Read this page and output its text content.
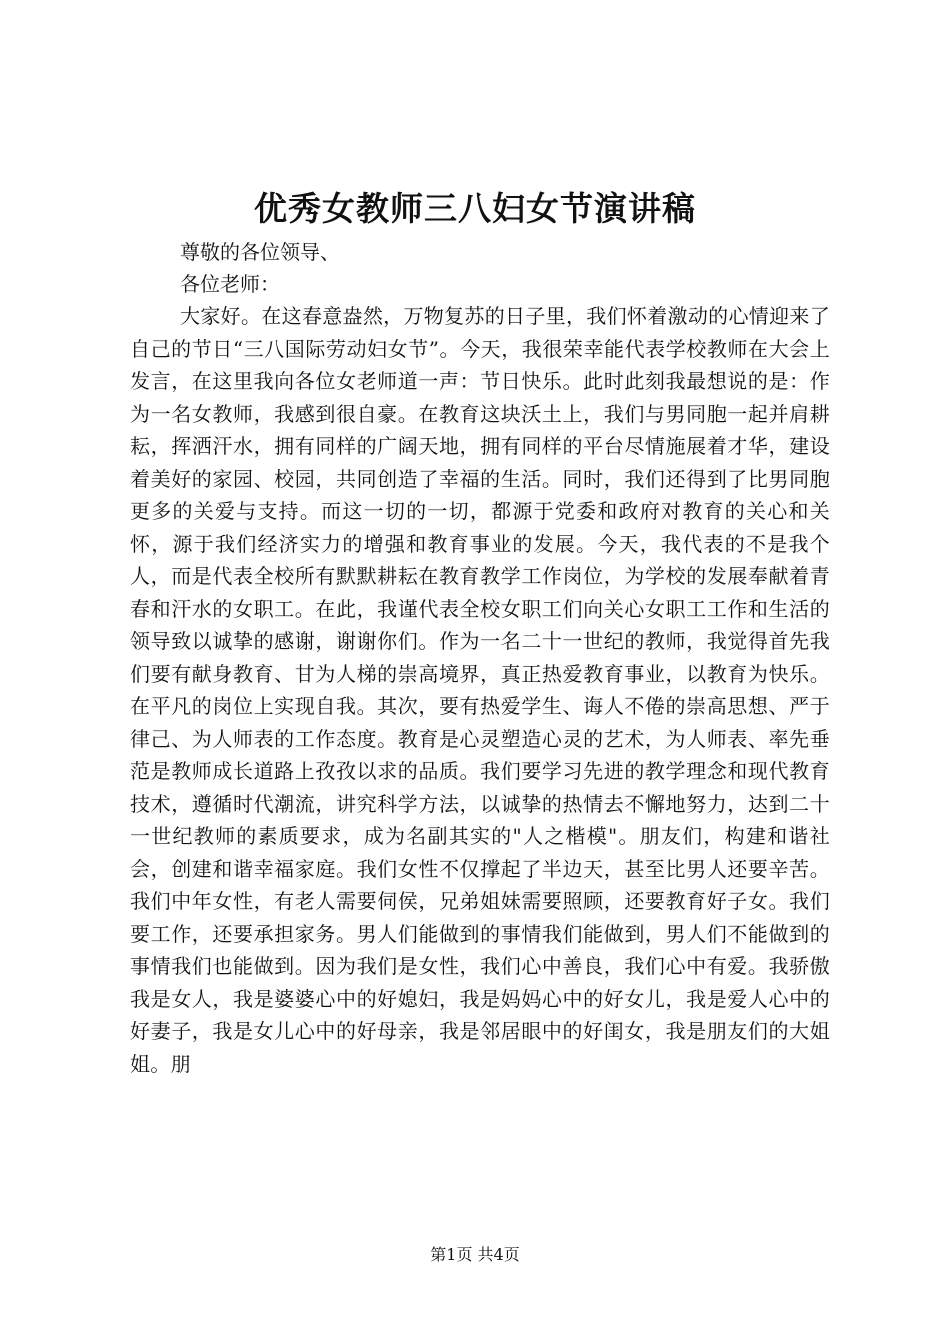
优秀女教师三八妇女节演讲稿
尊敬的各位领导、
各位老师：

大家好。在这春意盎然，万物复苏的日子里，我们怀着激动的心情迎来了自己的节日“三八国际劳动妇女节”。今天，我很荣幸能代表学校教师在大会上发言，在这里我向各位女老师道一声：节日快乐。此时此刻我最想说的是：作为一名女教师，我感到很自豪。在教育这块沃土上，我们与男同胞一起并肩耕耘，挥洒汗水，拥有同样的广阔天地，拥有同样的平台尽情施展着才华，建设着美好的家园、校园，共同创造了幸福的生活。同时，我们还得到了比男同胞更多的关爱与支持。而这一切的一切，都源于党委和政府对教育的关心和关怀，源于我们经济实力的增强和教育事业的发展。今天，我代表的不是我个人，而是代表全校所有默默耕耘在教育教学工作岗位，为学校的发展奉献着青春和汗水的女职工。在此，我谨代表全校女职工们向关心女职工工作和生活的领导致以诚挚的感谢，谢谢你们。作为一名二十一世纪的教师，我觉得首先我们要有献身教育、甘为人梯的崇高境界，真正热爱教育事业，以教育为快乐。在平凡的岗位上实现自我。其次，要有热爱学生、诲人不倦的崇高思想、严于律己、为人师表的工作态度。教育是心灵塑造心灵的艺术，为人师表、率先垂范是教师成长道路上孜孜以求的品质。我们要学习先进的教学理念和现代教育技术，遵循时代潮流，讲究科学方法，以诚挚的热情去不懈地努力，达到二十一世纪教师的素质要求，成为名副其实的"人之楷模"。朋友们，构建和谐社会，创建和谐幸福家庭。我们女性不仅撑起了半边天，甚至比男人还要辛苦。我们中年女性，有老人需要伺侯，兄弟姐妹需要照顾，还要教育好子女。我们要工作，还要承担家务。男人们能做到的事情我们能做到，男人们不能做到的事情我们也能做到。因为我们是女性，我们心中善良，我们心中有爱。我骄傲我是女人，我是婆婆心中的好媳妇，我是妈妈心中的好女儿，我是爱人心中的好妻子，我是女儿心中的好母亲，我是邻居眼中的好闺女，我是朋友们的大姐姐。朋

第1页 共4页
